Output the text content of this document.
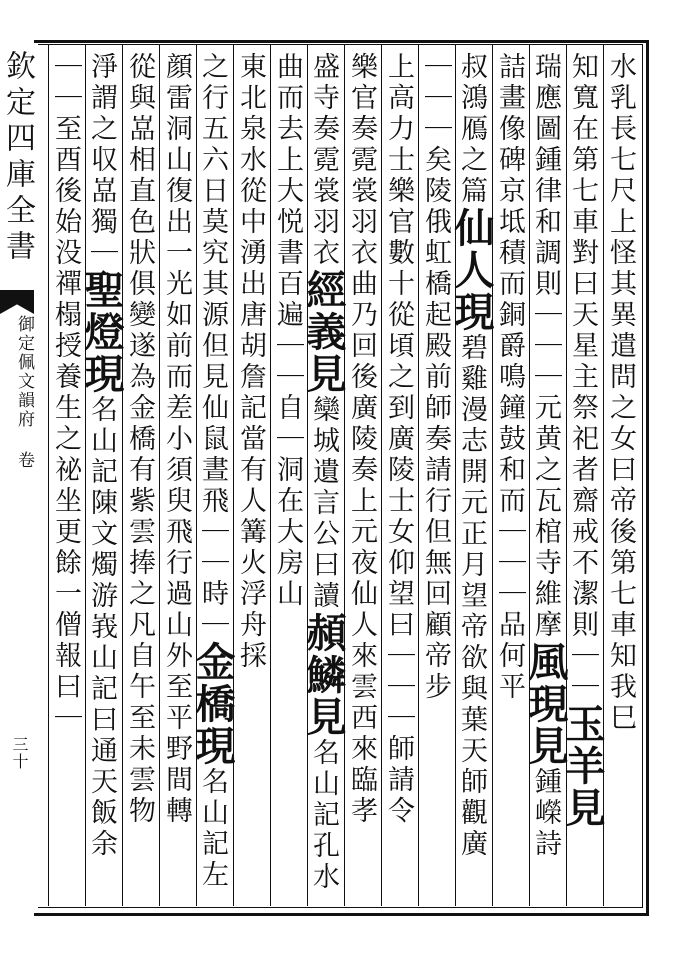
欽定四庫全書
御定佩文韻府 卷
三十
水乳長七尺上怪其異遣問之女曰帝後第七車知我巳
知寬在第七車對曰天星主祭祀者齋戒不潔則｜｜玉羊見
瑞應圖鍾律和調則｜｜｜元黄之瓦棺寺維摩風現見鍾嶸詩
詰畫像碑京坻積而銅爵鳴鐘鼓和而｜｜｜品何平
叔鴻鴈之篇仙人現碧雞漫志開元正月望帝欲與葉天師觀廣
｜｜｜矣陵俄虹橋起殿前師奏請行但無回顧帝步
上高力士樂官數十從頃之到廣陵士女仰望曰｜｜｜師請令
樂官奏霓裳羽衣曲乃回後廣陵奏上元夜仙人來雲西來臨孝
盛寺奏霓裳羽衣經義見欒城遺言公曰讀頳鱗見名山記孔水
曲而去上大悦書百遍｜｜自｜洞在大房山
東北泉水從中湧出唐胡詹記當有人篝火浮舟採
之行五六日莫究其源但見仙鼠晝飛｜｜時｜金橋現名山記左
顔雷洞山復出一光如前而差小須臾飛行過山外至平野間轉
從與嵓相直色狀俱變遂為金橋有紫雲捧之凡自午至未雲物
淨謂之収嵓獨｜聖燈現名山記陳文燭游峩山記曰通天飯余
｜｜至酉後始没禪榻授養生之祕坐更餘一僧報曰｜
